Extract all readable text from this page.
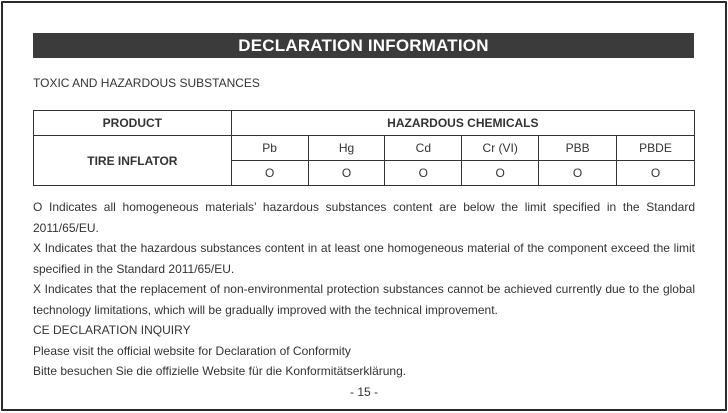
DECLARATION INFORMATION
TOXIC AND HAZARDOUS SUBSTANCES
PRODUCT	HAZARDOUS CHEMICALS					
TIRE INFLATOR	Pb	Hg	Cd	Cr (VI)	PBB	PBDE
	O	O	O	O	O	O

O Indicates all homogeneous materials’ hazardous substances content are below the limit specified in the Standard 2011/65/EU.

X Indicates that the hazardous substances content in at least one homogeneous material of the component exceed the limit specified in the Standard 2011/65/EU.

X Indicates that the replacement of non-environmental protection substances cannot be achieved currently due to the global technology limitations, which will be gradually improved with the technical improvement.

CE DECLARATION INQUIRY

Please visit the official website for Declaration of Conformity

Bitte besuchen Sie die offizielle Website für die Konformitätserklärung.

- 15 -
